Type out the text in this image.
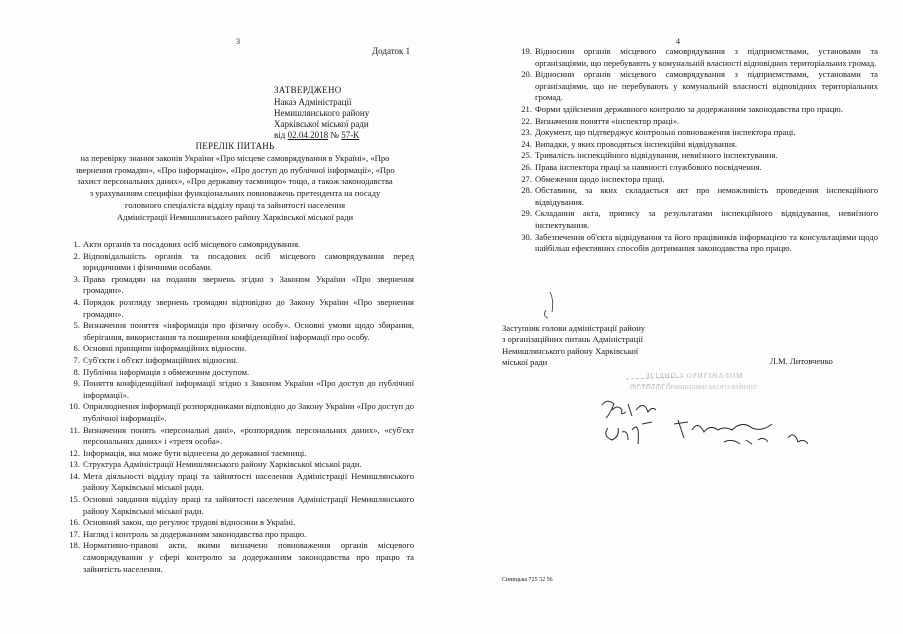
3
Додаток 1
ЗАТВЕРДЖЕНО
Наказ Адміністрації
Немишлянського району
Харківської міської ради
від 02.04.2018 № 57-К
ПЕРЕЛІК ПИТАНЬ
на перевірку знання законів України «Про місцеве самоврядування в Україні», «Про
звернення громадян», «Про інформацію», «Про доступ до публічної інформації», «Про
захист персональних даних», «Про державну таємницю» тощо, а також законодавства
з урахуванням специфіки функціональних повноважень претендента на посаду
головного спеціаліста відділу праці та зайнятості населення
Адміністрації Немишлянського району Харківської міської ради
1. Акти органів та посадових осіб місцевого самоврядування.
2. Відповідальність органів та посадових осіб місцевого самоврядування перед юридичними і фізичними особами.
3. Права громадян на подання звернень згідно з Законом України «Про звернення громадян».
4. Порядок розгляду звернень громадян відповідно до Закону України «Про звернення громадян».
5. Визначення поняття «інформація про фізичну особу». Основні умови щодо збирання, зберігання, використання та поширення конфіденційної інформації про особу.
6. Основні принципи інформаційних відносин.
7. Суб'єкти і об'єкт інформаційних відносин.
8. Публічна інформація з обмеженим доступом.
9. Поняття конфіденційної інформації згідно з Законом України «Про доступ до публічної інформації».
10. Оприлюднення інформації розпорядниками відповідно до Закону України «Про доступ до публічної інформації».
11. Визначення понять «персональні дані», «розпорядник персональних даних», «суб'єкт персональних даних» і «третя особа».
12. Інформація, яка може бути віднесена до державної таємниці.
13. Структура Адміністрації Немишлянського району Харківської міської ради.
14. Мета діяльності відділу праці та зайнятості населення Адміністрації Немишлянського району Харківської міської ради.
15. Основні завдання відділу праці та зайнятості населення Адміністрації Немишлянського району Харківської міської ради.
16. Основний закон, що регулює трудові відносини в Україні.
17. Нагляд і контроль за додержанням законодавства про працю.
18. Нормативно-правові акти, якими визначено повноваження органів місцевого самоврядування у сфері контролю за додержанням законодавства про працю та зайнятість населення.
4
19. Відносини органів місцевого самоврядування з підприємствами, установами та організаціями, що перебувають у комунальній власності відповідних територіальних громад.
20. Відносини органів місцевого самоврядування з підприємствами, установами та організаціями, що не перебувають у комунальній власності відповідних територіальних громад.
21. Форми здійснення державного контролю за додержанням законодавства про працю.
22. Визначення поняття «інспектор праці».
23. Документ, що підтверджує контрольні повноваження інспектора праці.
24. Випадки, у яких проводяться інспекційні відвідування.
25. Тривалість інспекційного відвідування, невиїзного інспектування.
26. Права інспектора праці за наявності службового посвідчення.
27. Обмеження щодо інспектора праці.
28. Обставини, за яких складається акт про неможливість проведення інспекційного відвідування.
29. Складання акта, припису за результатами інспекційного відвідування, невиїзного інспектування.
30. Забезпечення об'єкта відвідування та його працівників інформацією та консультаціями щодо найбільш ефективних способів дотримання законодавства про працю.
Заступник голови адміністрації району
з організаційних питань Адміністрації
Немишлянського району Харківської
міської ради	Л.М. Литовченко
ЗГІДНО З ОРИГІНАЛОМ
ЇНСТРАЦІЯ НЕМИШЛЯНСЬКОГО РАЙОНУ
Синицька 725 32 56
